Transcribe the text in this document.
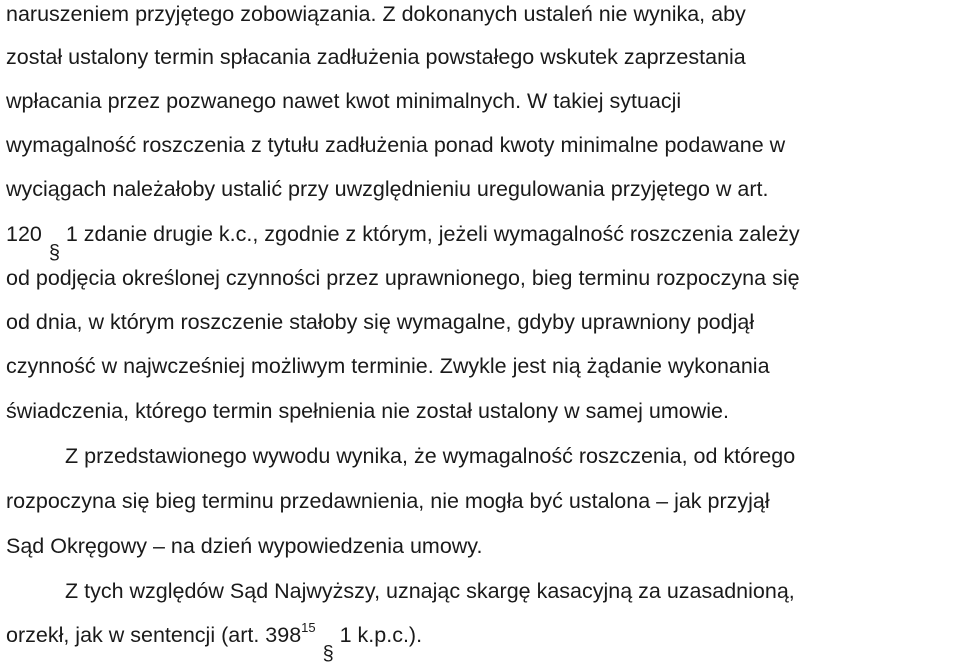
naruszeniem przyjętego zobowiązania. Z dokonanych ustaleń nie wynika, aby
został ustalony termin spłacania zadłużenia powstałego wskutek zaprzestania
wpłacania przez pozwanego nawet kwot minimalnych. W takiej sytuacji
wymagalność roszczenia z tytułu zadłużenia ponad kwoty minimalne podawane w
wyciągach należałoby ustalić przy uwzględnieniu uregulowania przyjętego w art.
120
§
1 zdanie drugie k.c., zgodnie z którym, jeżeli wymagalność roszczenia zależy
od podjęcia określonej czynności przez uprawnionego, bieg terminu rozpoczyna się
od dnia, w którym roszczenie stałoby się wymagalne, gdyby uprawniony podjął
czynność w najwcześniej możliwym terminie. Zwykle jest nią żądanie wykonania
świadczenia, którego termin spełnienia nie został ustalony w samej umowie.
Z przedstawionego wywodu wynika, że wymagalność roszczenia, od którego
rozpoczyna się bieg terminu przedawnienia, nie mogła być ustalona – jak przyjął
Sąd Okręgowy – na dzień wypowiedzenia umowy.
Z tych względów Sąd Najwyższy, uznając skargę kasacyjną za uzasadnioną,
orzekł, jak w sentencji (art. $398^{15}$
§
1 k.p.c.).
